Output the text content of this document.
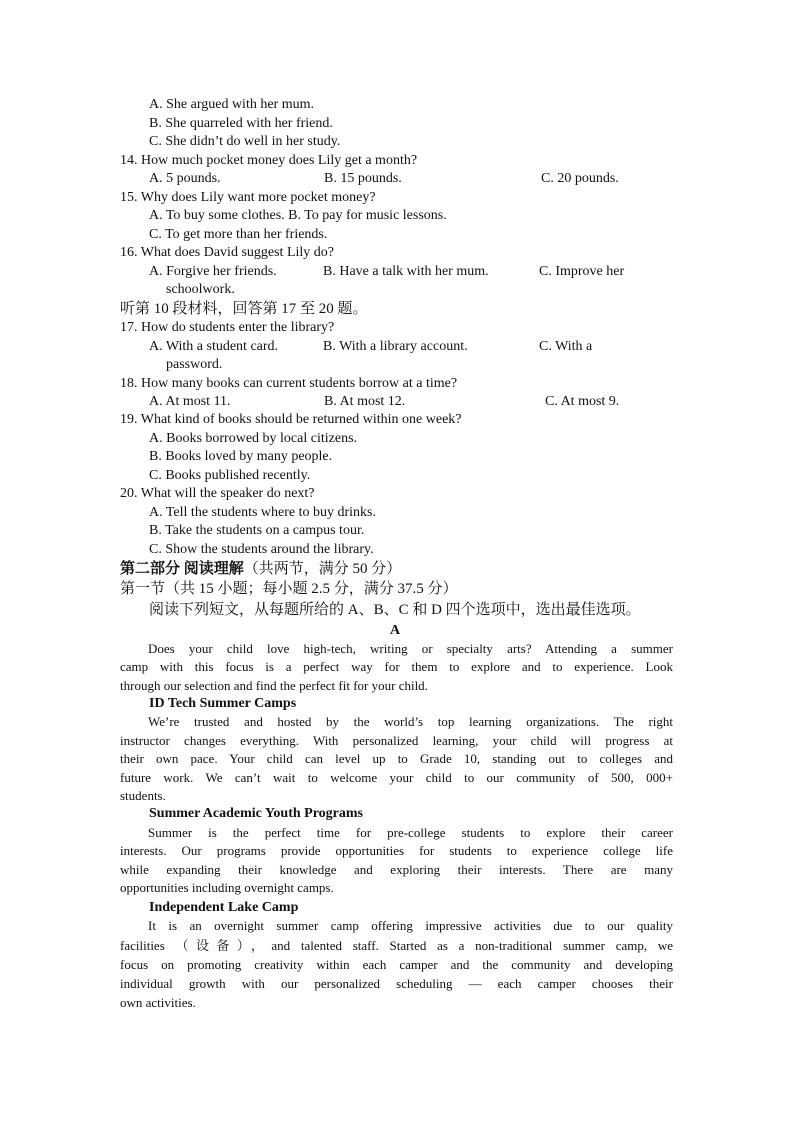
A. She argued with her mum.
B. She quarreled with her friend.
C. She didn’t do well in her study.
14. How much pocket money does Lily get a month?
A. 5 pounds.	B. 15 pounds.	C. 20 pounds.
15. Why does Lily want more pocket money?
A. To buy some clothes. B. To pay for music lessons.
C. To get more than her friends.
16. What does David suggest Lily do?
A. Forgive her friends.	B. Have a talk with her mum.	C. Improve her
schoolwork.
听第 10 段材料，回答第 17 至 20 题。
17. How do students enter the library?
A. With a student card.	B. With a library account.	C. With a
password.
18. How many books can current students borrow at a time?
A. At most 11.	B. At most 12.	C. At most 9.
19. What kind of books should be returned within one week?
A. Books borrowed by local citizens.
B. Books loved by many people.
C. Books published recently.
20. What will the speaker do next?
A. Tell the students where to buy drinks.
B. Take the students on a campus tour.
C. Show the students around the library.
第二部分 阅读理解（共两节，满分 50 分）
第一节（共 15 小题；每小题 2.5 分，满分 37.5 分）
阅读下列短文，从每题所给的 A、B、C 和 D 四个选项中，选出最佳选项。
A
Does your child love high-tech, writing or specialty arts? Attending a summer
camp with this focus is a perfect way for them to explore and to experience. Look
through our selection and find the perfect fit for your child.
ID Tech Summer Camps
We’re trusted and hosted by the world’s top learning organizations. The right
instructor changes everything. With personalized learning, your child will progress at
their own pace. Your child can level up to Grade 10, standing out to colleges and
future work. We can’t wait to welcome your child to our community of 500, 000+
students.
Summer Academic Youth Programs
Summer is the perfect time for pre-college students to explore their career
interests. Our programs provide opportunities for students to experience college life
while expanding their knowledge and exploring their interests. There are many
opportunities including overnight camps.
Independent Lake Camp
It is an overnight summer camp offering impressive activities due to our quality
facilities （设备），and talented staff. Started as a non-traditional summer camp, we
focus on promoting creativity within each camper and the community and developing
individual growth with our personalized scheduling — each camper chooses their
own activities.
